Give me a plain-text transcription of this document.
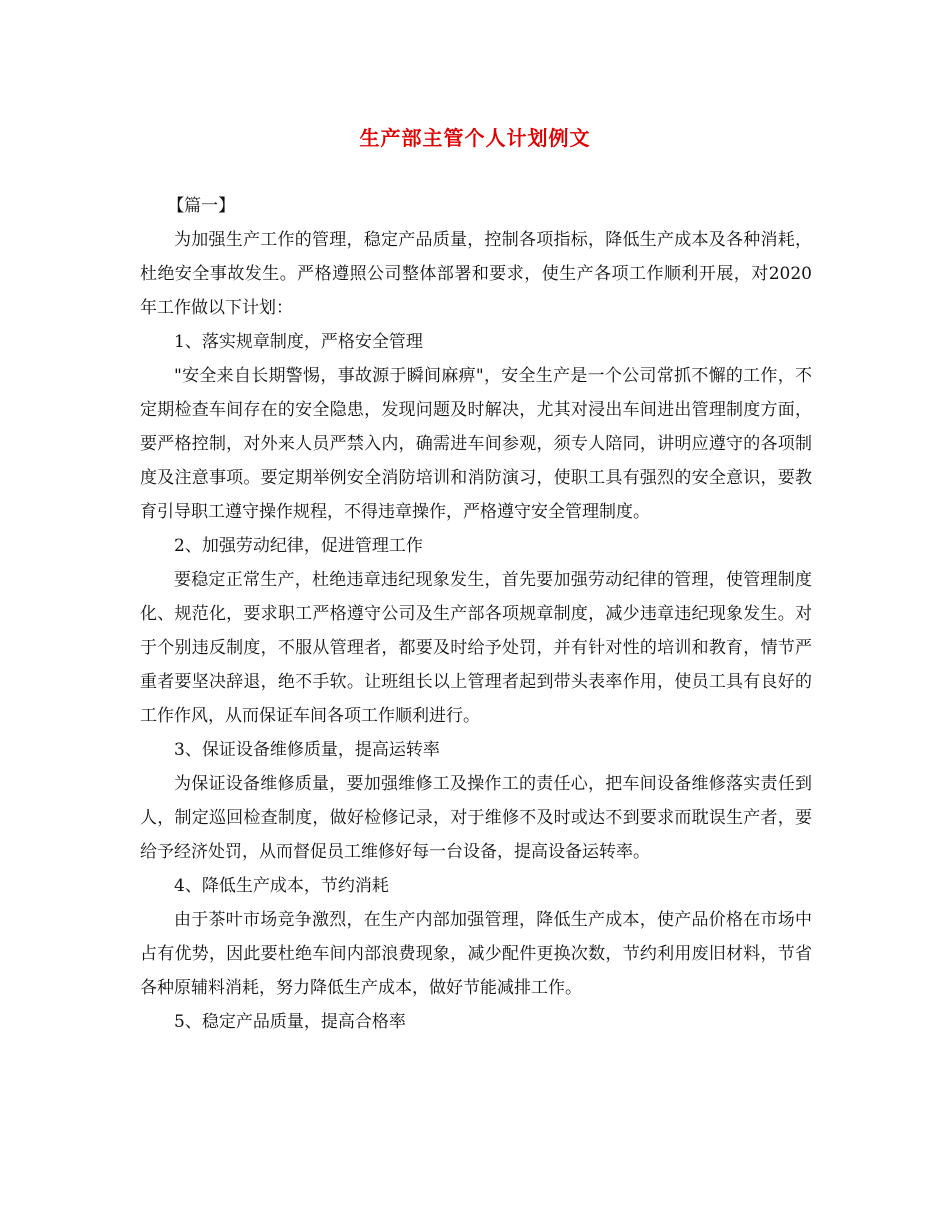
生产部主管个人计划例文

【篇一】

为加强生产工作的管理，稳定产品质量，控制各项指标，降低生产成本及各种消耗，杜绝安全事故发生。严格遵照公司整体部署和要求，使生产各项工作顺利开展，对2020年工作做以下计划：

1、落实规章制度，严格安全管理

"安全来自长期警惕，事故源于瞬间麻痹"，安全生产是一个公司常抓不懈的工作，不定期检查车间存在的安全隐患，发现问题及时解决，尤其对浸出车间进出管理制度方面，要严格控制，对外来人员严禁入内，确需进车间参观，须专人陪同，讲明应遵守的各项制度及注意事项。要定期举例安全消防培训和消防演习，使职工具有强烈的安全意识，要教育引导职工遵守操作规程，不得违章操作，严格遵守安全管理制度。

2、加强劳动纪律，促进管理工作

要稳定正常生产，杜绝违章违纪现象发生，首先要加强劳动纪律的管理，使管理制度化、规范化，要求职工严格遵守公司及生产部各项规章制度，减少违章违纪现象发生。对于个别违反制度，不服从管理者，都要及时给予处罚，并有针对性的培训和教育，情节严重者要坚决辞退，绝不手软。让班组长以上管理者起到带头表率作用，使员工具有良好的工作作风，从而保证车间各项工作顺利进行。

3、保证设备维修质量，提高运转率

为保证设备维修质量，要加强维修工及操作工的责任心，把车间设备维修落实责任到人，制定巡回检查制度，做好检修记录，对于维修不及时或达不到要求而耽误生产者，要给予经济处罚，从而督促员工维修好每一台设备，提高设备运转率。

4、降低生产成本，节约消耗

由于茶叶市场竞争激烈，在生产内部加强管理，降低生产成本，使产品价格在市场中占有优势，因此要杜绝车间内部浪费现象，减少配件更换次数，节约利用废旧材料，节省各种原辅料消耗，努力降低生产成本，做好节能减排工作。

5、稳定产品质量，提高合格率
